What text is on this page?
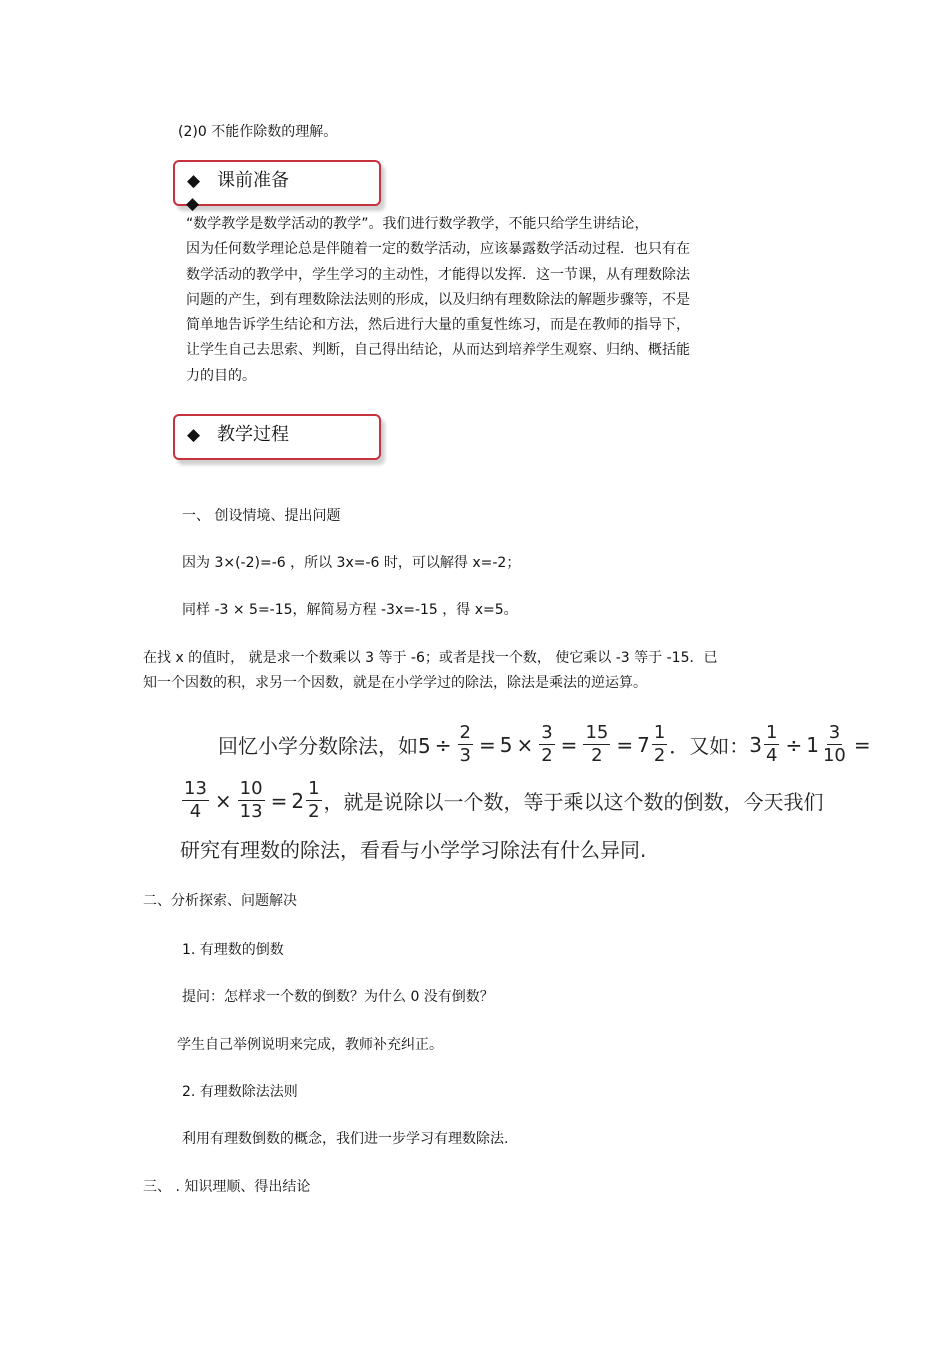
(2)0 不能作除数的理解。
◆ 课前准备
◆
“数学教学是数学活动的教学”。我们进行数学教学，不能只给学生讲结论，
因为任何数学理论总是伴随着一定的数学活动，应该暴露数学活动过程．也只有在
数学活动的教学中，学生学习的主动性，才能得以发挥．这一节课，从有理数除法
问题的产生，到有理数除法法则的形成，以及归纳有理数除法的解题步骤等，不是
简单地告诉学生结论和方法，然后进行大量的重复性练习，而是在教师的指导下，
让学生自己去思索、判断，自己得出结论，从而达到培养学生观察、归纳、概括能
力的目的。
◆ 教学过程
一、 创设情境、提出问题
因为 3×(-2)=-6 ，所以 3x=-6 时，可以解得 x=-2；
同样 -3 × 5=-15，解简易方程 -3x=-15 ，得 x=5。
在找 x 的值时， 就是求一个数乘以 3 等于 -6；或者是找一个数， 使它乘以 -3 等于 -15．已
知一个因数的积，求另一个因数，就是在小学学过的除法，除法是乘法的逆运算。
回忆小学分数除法，如$5 \div \frac{2}{3} = 5 \times \frac{3}{2} = \frac{15}{2} = 7 \frac{1}{2}$ ．又如： $3 \frac{1}{4} \div 1 \frac{3}{10}$ =
$\frac{13}{4} \times \frac{10}{13} = 2 \frac{1}{2}$ ，就是说除以一个数，等于乘以这个数的倒数，今天我们
研究有理数的除法，看看与小学学习除法有什么异同.
二、分析探索、问题解决
1. 有理数的倒数
提问：怎样求一个数的倒数？为什么 0 没有倒数？
学生自己举例说明来完成，教师补充纠正。
2. 有理数除法法则
利用有理数倒数的概念，我们进一步学习有理数除法.
三、 . 知识理顺、得出结论
